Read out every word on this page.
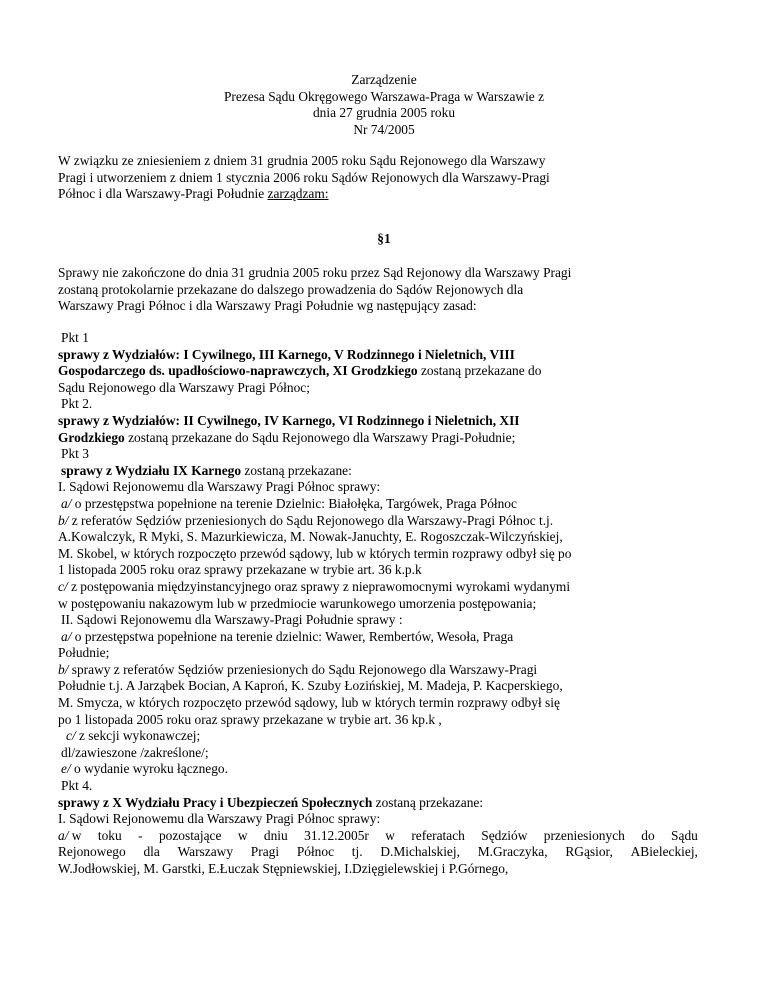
Zarządzenie
Prezesa Sądu Okręgowego Warszawa-Praga w Warszawie z
dnia 27 grudnia 2005 roku
Nr 74/2005
W związku ze zniesieniem z dniem 31 grudnia 2005 roku Sądu Rejonowego dla Warszawy
Pragi i utworzeniem z dniem 1 stycznia 2006 roku Sądów Rejonowych dla Warszawy-Pragi
Północ i dla Warszawy-Pragi Południe zarządzam:
§1
Sprawy nie zakończone do dnia 31 grudnia 2005 roku przez Sąd Rejonowy dla Warszawy Pragi
zostaną protokolarnie przekazane do dalszego prowadzenia do Sądów Rejonowych dla
Warszawy Pragi Północ i dla Warszawy Pragi Południe wg następujący zasad:
Pkt 1
sprawy z Wydziałów: I Cywilnego, III Karnego, V Rodzinnego i Nieletnich, VIII
Gospodarczego ds. upadłościowo-naprawczych, XI Grodzkiego zostaną przekazane do
Sądu Rejonowego dla Warszawy Pragi Północ;
Pkt 2.
sprawy z Wydziałów: II Cywilnego, IV Karnego, VI Rodzinnego i Nieletnich, XII
Grodzkiego zostaną przekazane do Sądu Rejonowego dla Warszawy Pragi-Południe;
Pkt 3
sprawy z Wydziału IX Karnego zostaną przekazane:
I. Sądowi Rejonowemu dla Warszawy Pragi Północ sprawy:
a/ o przestępstwa popełnione na terenie Dzielnic: Białołęka, Targówek, Praga Północ
b/ z referatów Sędziów przeniesionych do Sądu Rejonowego dla Warszawy-Pragi Północ t.j.
A.Kowalczyk, R Myki, S. Mazurkiewicza, M. Nowak-Januchty, E. Rogoszczak-Wilczyńskiej,
M. Skobel, w których rozpoczęto przewód sądowy, lub w których termin rozprawy odbył się po
1 listopada 2005 roku oraz sprawy przekazane w trybie art. 36 k.p.k
c/ z postępowania międzyinstancyjnego oraz sprawy z nieprawomocnymi wyrokami wydanymi
w postępowaniu nakazowym lub w przedmiocie warunkowego umorzenia postępowania;
II. Sądowi Rejonowemu dla Warszawy-Pragi Południe sprawy :
a/ o przestępstwa popełnione na terenie dzielnic: Wawer, Rembertów, Wesoła, Praga
Południe;
b/ sprawy z referatów Sędziów przeniesionych do Sądu Rejonowego dla Warszawy-Pragi
Południe t.j. A Jarząbek Bocian, A Kaproń, K. Szuby Łozińskiej, M. Madeja, P. Kacperskiego,
M. Smycza, w których rozpoczęto przewód sądowy, lub w których termin rozprawy odbył się
po 1 listopada 2005 roku oraz sprawy przekazane w trybie art. 36 kp.k ,
c/ z sekcji wykonawczej;
dl/zawieszone /zakreślone/;
e/ o wydanie wyroku łącznego.
Pkt 4.
sprawy z X Wydziału Pracy i Ubezpieczeń Społecznych zostaną przekazane:
I. Sądowi Rejonowemu dla Warszawy Pragi Północ sprawy:
a/ w toku - pozostające w dniu 31.12.2005r w referatach Sędziów przeniesionych do Sądu
Rejonowego dla Warszawy Pragi Północ tj. D.Michalskiej, M.Graczyka, RGąsior, ABieleckiej,
W.Jodłowskiej, M. Garstki, E.Łuczak Stępniewskiej, I.Dzięgielewskiej i P.Górnego,
